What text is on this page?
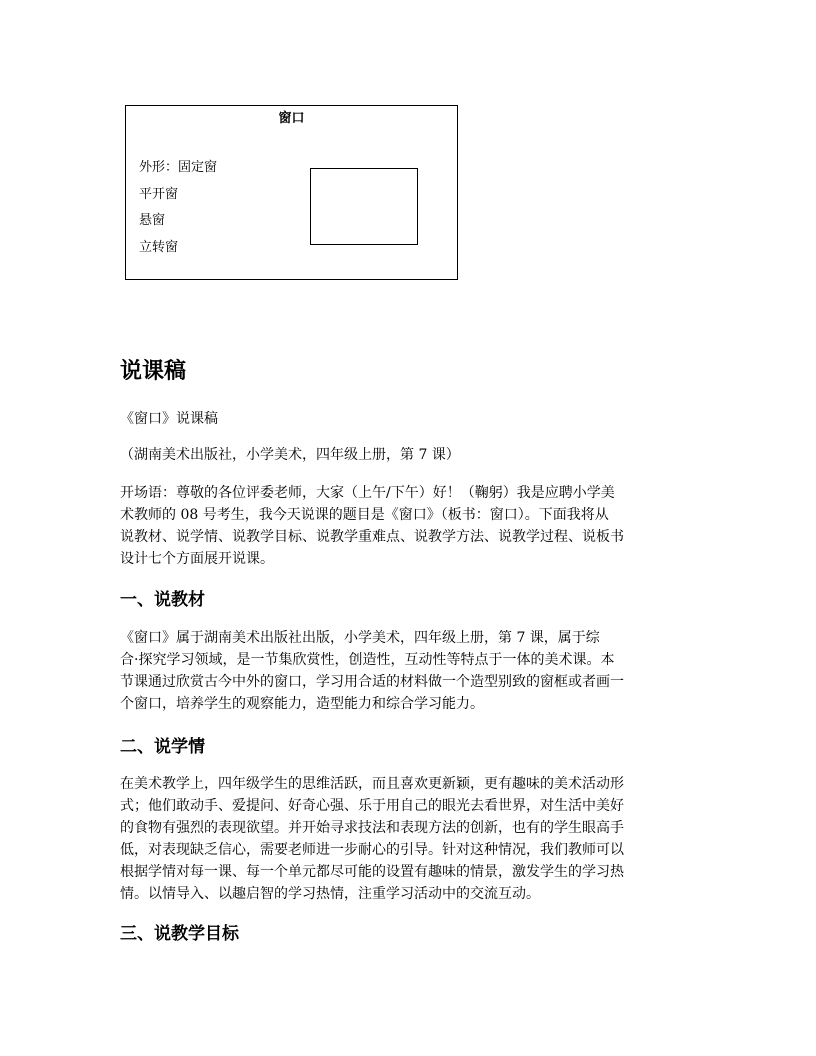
窗口
外形：固定窗
平开窗
悬窗
立转窗
说课稿

《窗口》说课稿

（湖南美术出版社，小学美术，四年级上册，第 7 课）

开场语：尊敬的各位评委老师，大家（上午/下午）好！（鞠躬）我是应聘小学美
术教师的 08 号考生，我今天说课的题目是《窗口》（板书：窗口）。下面我将从
说教材、说学情、说教学目标、说教学重难点、说教学方法、说教学过程、说板书
设计七个方面展开说课。

一、说教材

《窗口》属于湖南美术出版社出版，小学美术，四年级上册，第 7 课，属于综
合·探究学习领域，是一节集欣赏性，创造性，互动性等特点于一体的美术课。本
节课通过欣赏古今中外的窗口，学习用合适的材料做一个造型别致的窗框或者画一
个窗口，培养学生的观察能力，造型能力和综合学习能力。

二、说学情

在美术教学上，四年级学生的思维活跃，而且喜欢更新颖，更有趣味的美术活动形
式；他们敢动手、爱提问、好奇心强、乐于用自己的眼光去看世界，对生活中美好
的食物有强烈的表现欲望。并开始寻求技法和表现方法的创新，也有的学生眼高手
低，对表现缺乏信心，需要老师进一步耐心的引导。针对这种情况，我们教师可以
根据学情对每一课、每一个单元都尽可能的设置有趣味的情景，激发学生的学习热
情。以情导入、以趣启智的学习热情，注重学习活动中的交流互动。

三、说教学目标
